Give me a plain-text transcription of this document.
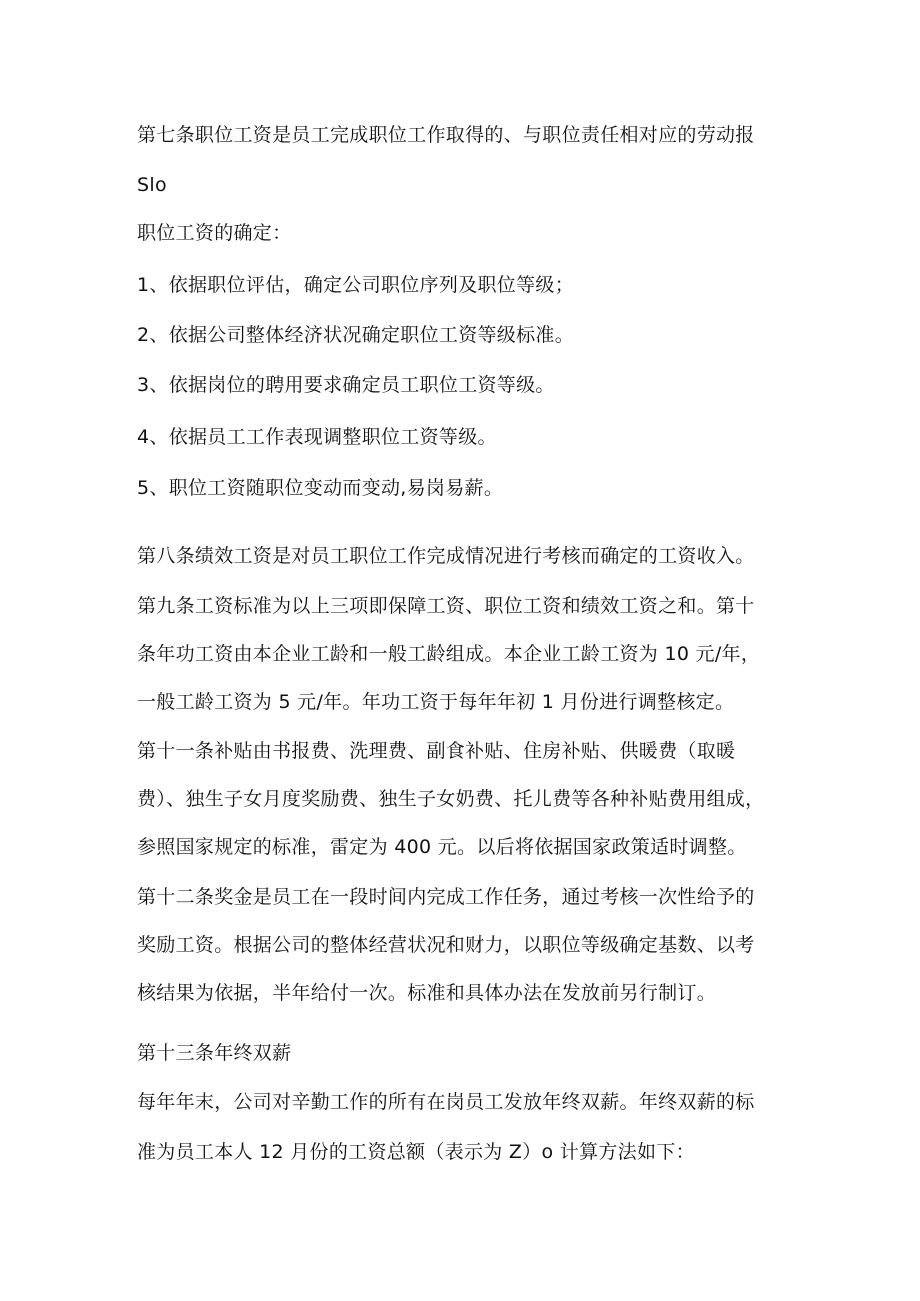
第七条职位工资是员工完成职位工作取得的、与职位责任相对应的劳动报
Slo
职位工资的确定：
1、依据职位评估，确定公司职位序列及职位等级；
2、依据公司整体经济状况确定职位工资等级标准。
3、依据岗位的聘用要求确定员工职位工资等级。
4、依据员工工作表现调整职位工资等级。
5、职位工资随职位变动而变动,易岗易薪。
第八条绩效工资是对员工职位工作完成情况进行考核而确定的工资收入。
第九条工资标准为以上三项即保障工资、职位工资和绩效工资之和。第十
条年功工资由本企业工龄和一般工龄组成。本企业工龄工资为 10 元/年，
一般工龄工资为 5 元/年。年功工资于每年年初 1 月份进行调整核定。
第十一条补贴由书报费、洗理费、副食补贴、住房补贴、供暖费（取暖
费）、独生子女月度奖励费、独生子女奶费、托儿费等各种补贴费用组成，
参照国家规定的标准，雷定为 400 元。以后将依据国家政策适时调整。
第十二条奖金是员工在一段时间内完成工作任务，通过考核一次性给予的
奖励工资。根据公司的整体经营状况和财力，以职位等级确定基数、以考
核结果为依据，半年给付一次。标准和具体办法在发放前另行制订。
第十三条年终双薪
每年年末，公司对辛勤工作的所有在岗员工发放年终双薪。年终双薪的标
准为员工本人 12 月份的工资总额（表示为 Z）o 计算方法如下：
